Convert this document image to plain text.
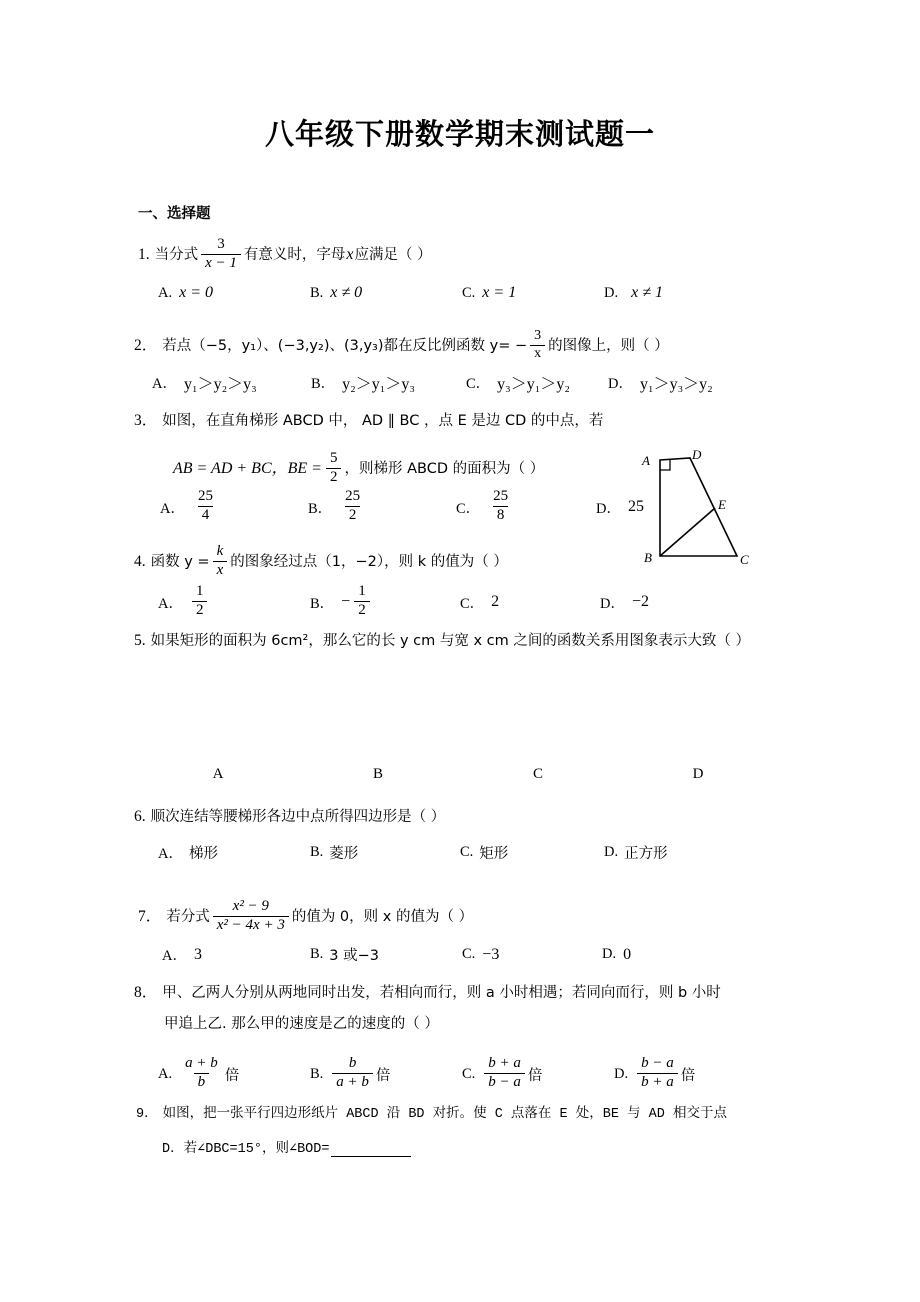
八年级下册数学期末测试题一
一、选择题
1. 当分式 $\frac{3}{x - 1}$ 有意义时，字母 x 应满足（ ）
A. x = 0	B. x ≠ 0	C. x = 1	D. x ≠ 1
2． 若点（−5，y₁）、(−3,y₂)、(3,y₃)都在反比例函数 $y= - \frac{3}{x}$ 的图像上，则（ ）
A． y₁＞y₂＞y₃	B． y₂＞y₁＞y₃	C． y₃＞y₁＞y₂	D． y₁＞y₃＞y₂
3． 如图，在直角梯形 ABCD 中， AD ∥ BC ，点 E 是边 CD 的中点，若
AB = AD + BC，BE = $\frac{5}{2}$ ，则梯形 ABCD 的面积为（ ）
A． $\frac{25}{4}$	B． $\frac{25}{2}$	C． $\frac{25}{8}$	D． 25
A	D
E
B	C
4. 函数 $y = \frac{k}{x}$ 的图象经过点（1，−2），则 k 的值为（ ）
A． $\frac{1}{2}$	B． − $\frac{1}{2}$	C． 2	D． −2
5. 如果矩形的面积为 6cm²，那么它的长 y cm 与宽 x cm 之间的函数关系用图象表示大致（ ）
A	B	C	D
6. 顺次连结等腰梯形各边中点所得四边形是（ ）
A． 梯形	B. 菱形	C. 矩形	D. 正方形
7． 若分式 $\frac{\text{x² − 9}}{\text{x² − 4x + 3}}$ 的值为 0，则 x 的值为（ ）
A． 3	B. 3 或−3	C. −3	D. 0
8． 甲、乙两人分别从两地同时出发，若相向而行，则 a 小时相遇；若同向而行，则 b 小时
甲追上乙. 那么甲的速度是乙的速度的（ ）
A. $\frac{a + b}{b}$ 倍	B. $\frac{b}{a + b}$ 倍	C. $\frac{b + a}{b - a}$ 倍	D. $\frac{b - a}{b + a}$ 倍
9． 如图，把一张平行四边形纸片 ABCD 沿 BD 对折。使 C 点落在 E 处，BE 与 AD 相交于点
D．若∠DBC=15°，则∠BOD=
